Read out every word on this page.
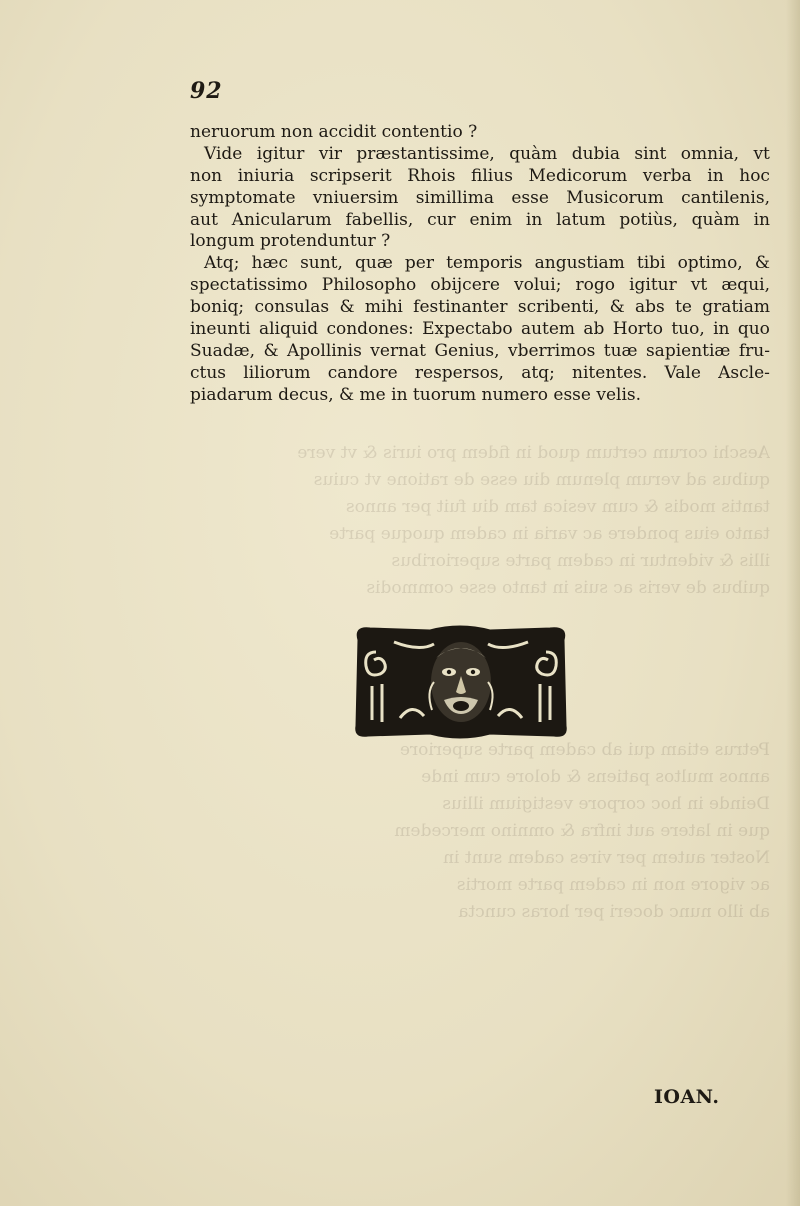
92
Aeschi corum certum quod in fidem pro iuris & vt vere
quibus ad verum plenum diu esse de ratione vt cuius
tantis modis & cum vesica tam diu fuit per annos
tanto eius pondere ac varia in cadem quoque parte
illis & videntur in cadem parte superioribus
quibus de veris ac suis in tanto esse commodis

Petrus etiam qui ab cadem parte superiore
annos multos patiens & dolore cum inde
Deinde in hoc corpore vestigium illius
que in latere aut infra & omnino mercedem
Noster autem per vires cadem sunt in
ac vigore non in cadem parte mortis
ab illo nunc doceri per horas cuncta
neruorum non accidit contentio ?
Vide igitur vir præstantissime, quàm dubia sint omnia, vt
non iniuria scripserit Rhois filius Medicorum verba in hoc
symptomate vniuersim simillima esse Musicorum cantilenis,
aut Anicularum fabellis, cur enim in latum potiùs, quàm in
longum protenduntur ?
Atq; hæc sunt, quæ per temporis angustiam tibi optimo, &
spectatissimo Philosopho obijcere volui; rogo igitur vt æqui,
boniq; consulas & mihi festinanter scribenti, & abs te gratiam
ineunti aliquid condones: Expectabo autem ab Horto tuo, in quo
Suadæ, & Apollinis vernat Genius, vberrimos tuæ sapientiæ fru-
ctus liliorum candore respersos, atq; nitentes. Vale Ascle-
piadarum decus, & me in tuorum numero esse velis.
IOAN.
